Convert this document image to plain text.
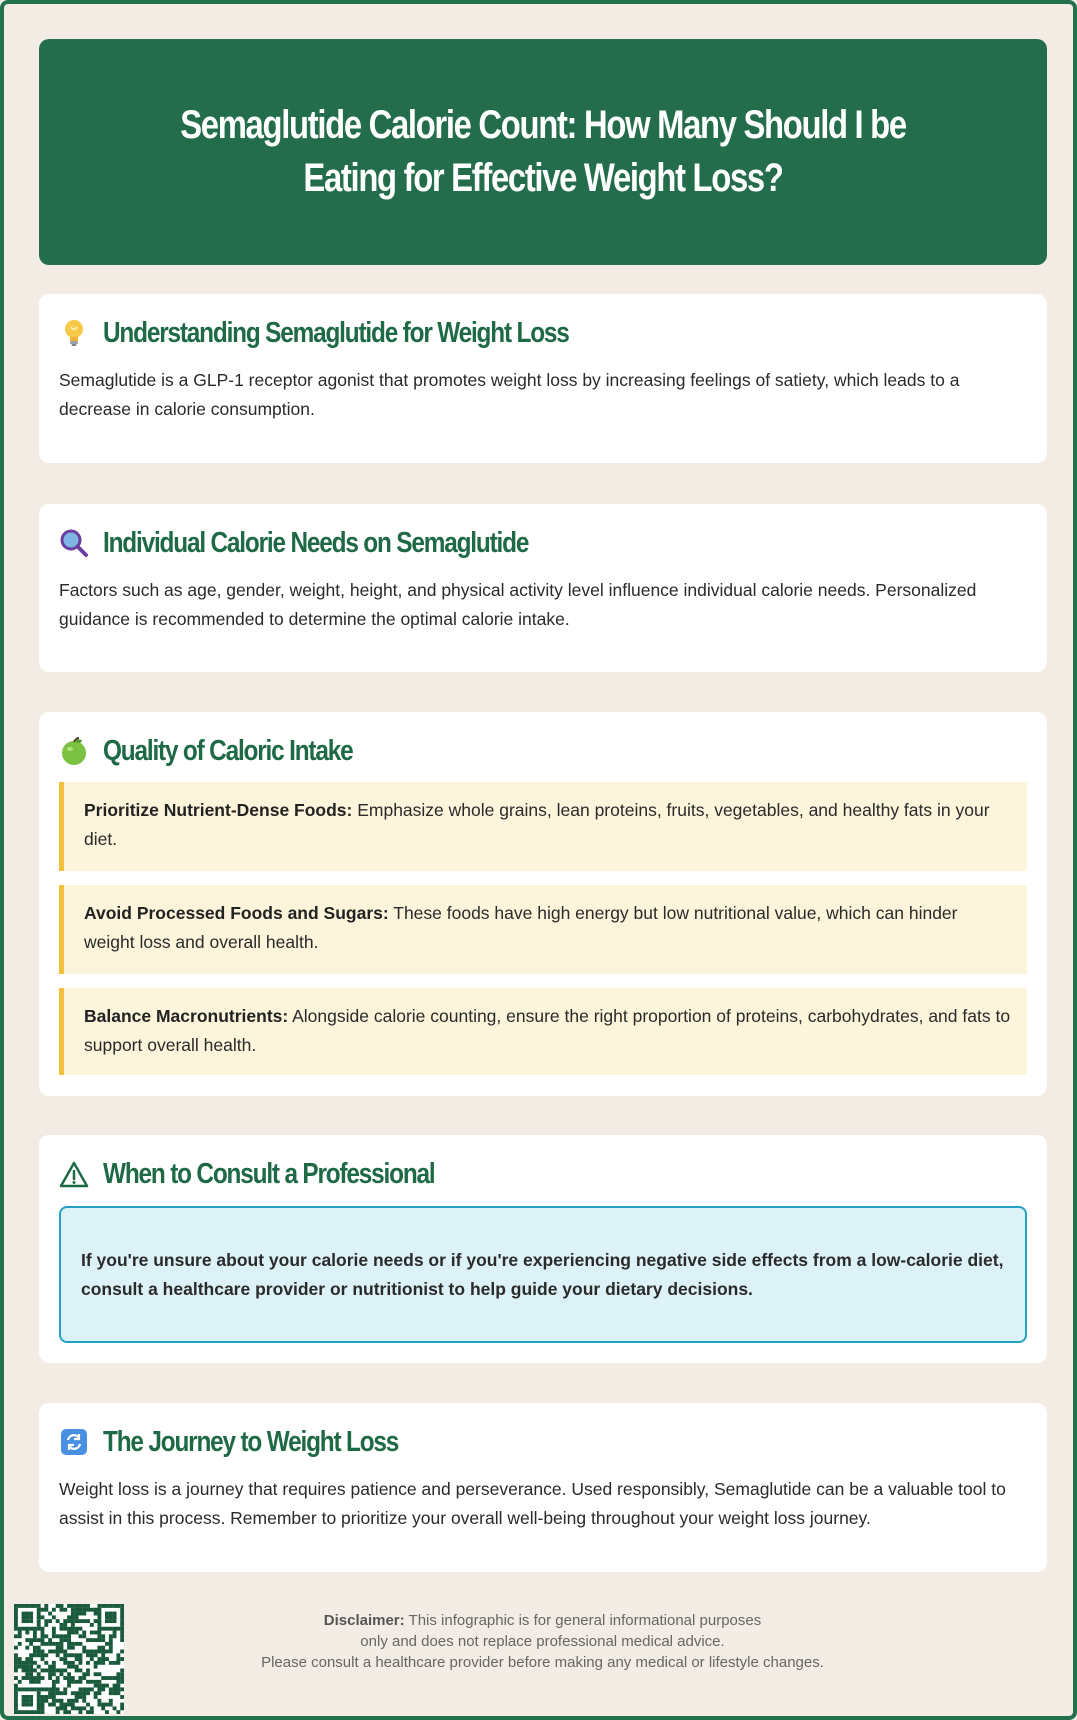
Semaglutide Calorie Count: How Many Should I be Eating for Effective Weight Loss?
Understanding Semaglutide for Weight Loss

Semaglutide is a GLP-1 receptor agonist that promotes weight loss by increasing feelings of satiety, which leads to a decrease in calorie consumption.

Individual Calorie Needs on Semaglutide

Factors such as age, gender, weight, height, and physical activity level influence individual calorie needs. Personalized guidance is recommended to determine the optimal calorie intake.

Quality of Caloric Intake
Prioritize Nutrient-Dense Foods: Emphasize whole grains, lean proteins, fruits, vegetables, and healthy fats in your diet.
Avoid Processed Foods and Sugars: These foods have high energy but low nutritional value, which can hinder weight loss and overall health.
Balance Macronutrients: Alongside calorie counting, ensure the right proportion of proteins, carbohydrates, and fats to support overall health.
When to Consult a Professional
If you're unsure about your calorie needs or if you're experiencing negative side effects from a low-calorie diet, consult a healthcare provider or nutritionist to help guide your dietary decisions.
The Journey to Weight Loss

Weight loss is a journey that requires patience and perseverance. Used responsibly, Semaglutide can be a valuable tool to assist in this process. Remember to prioritize your overall well-being throughout your weight loss journey.

Disclaimer: This infographic is for general informational purposes
only and does not replace professional medical advice.
Please consult a healthcare provider before making any medical or lifestyle changes.
